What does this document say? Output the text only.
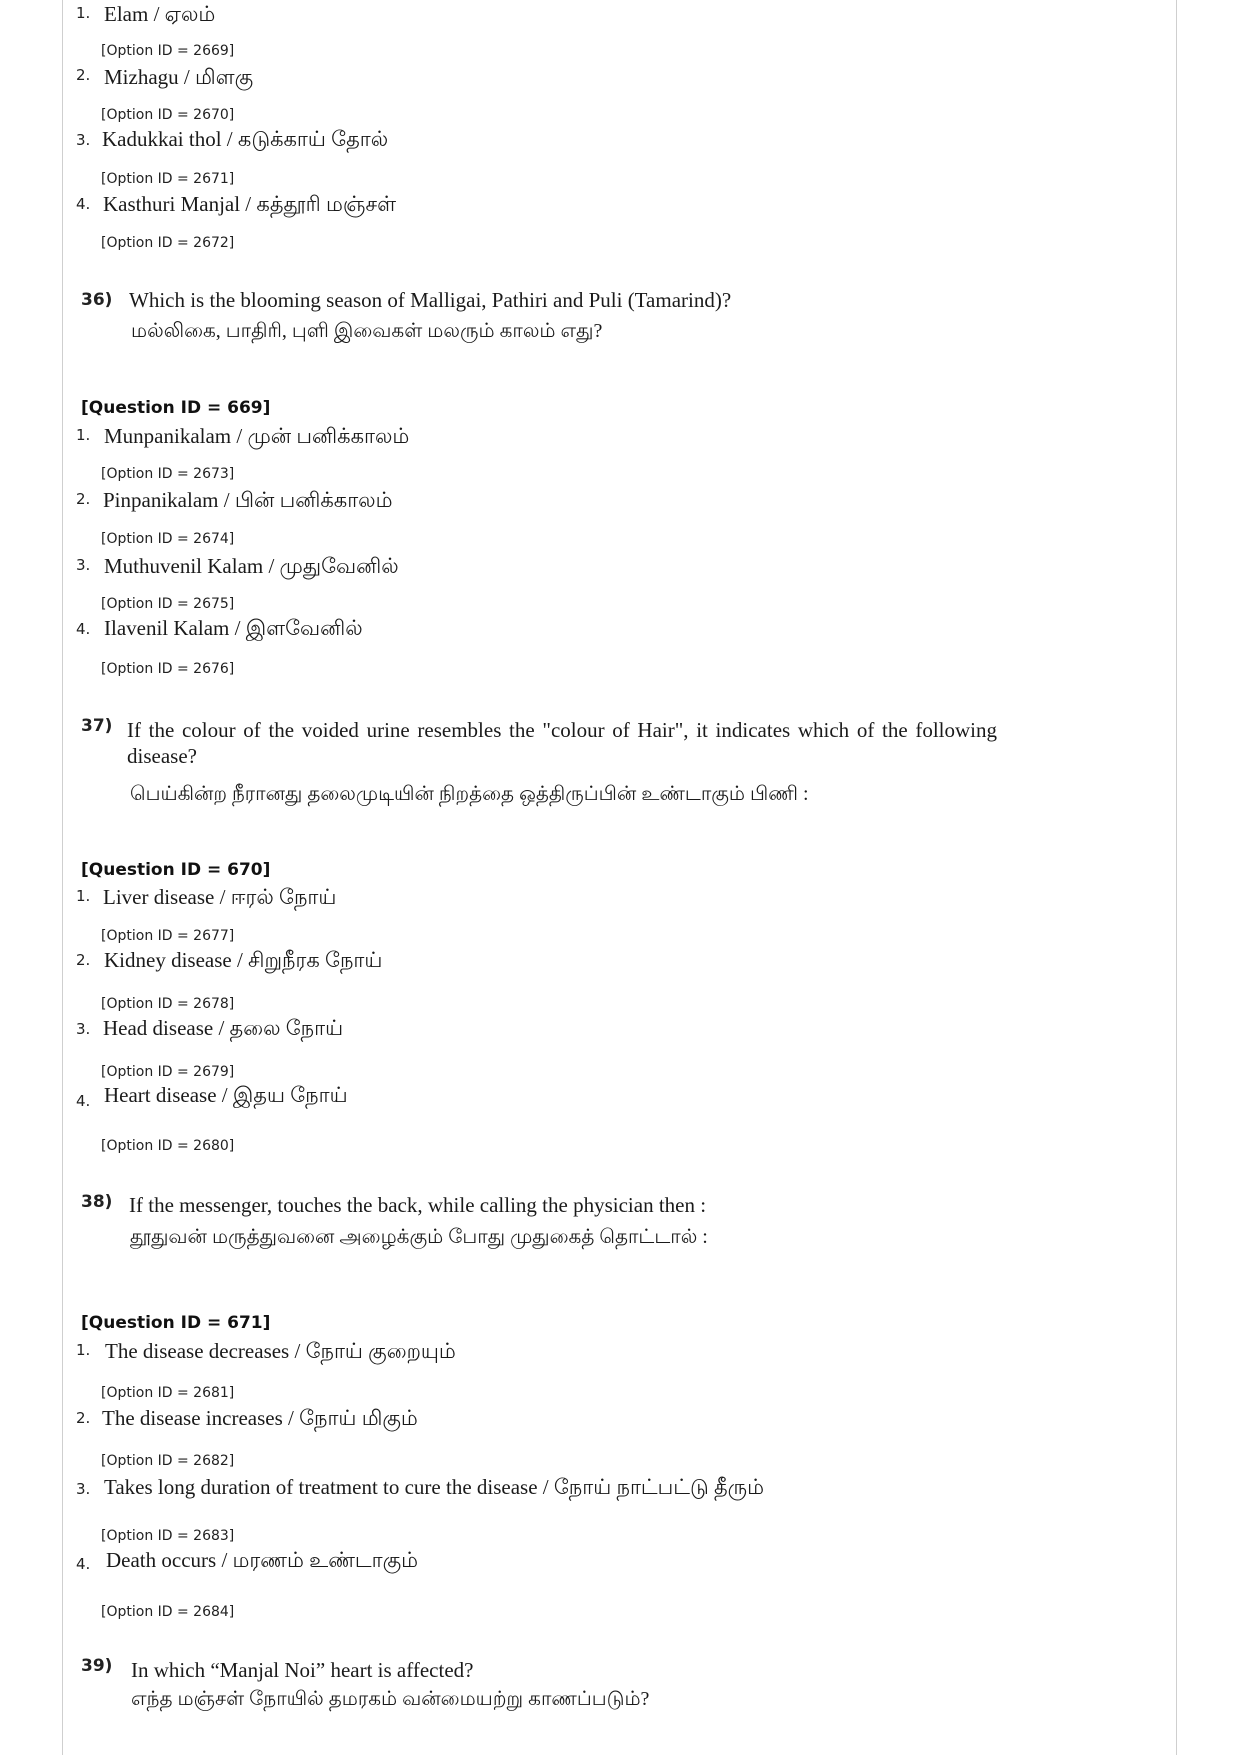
1. Elam / ஏலம்
[Option ID = 2669]
2. Mizhagu / மிளகு
[Option ID = 2670]
3. Kadukkai thol / கடுக்காய் தோல்
[Option ID = 2671]
4. Kasthuri Manjal / கத்தூரி மஞ்சள்
[Option ID = 2672]
36) Which is the blooming season of Malligai, Pathiri and Puli (Tamarind)?
மல்லிகை, பாதிரி, புளி இவைகள் மலரும் காலம் எது?
[Question ID = 669]
1. Munpanikalam / முன் பனிக்காலம்
[Option ID = 2673]
2. Pinpanikalam / பின் பனிக்காலம்
[Option ID = 2674]
3. Muthuvenil Kalam / முதுவேனில்
[Option ID = 2675]
4. Ilavenil Kalam / இளவேனில்
[Option ID = 2676]
37) If the colour of the voided urine resembles the "colour of Hair", it indicates which of the following disease?
பெய்கின்ற நீரானது தலைமுடியின் நிறத்தை ஒத்திருப்பின் உண்டாகும் பிணி :
[Question ID = 670]
1. Liver disease / ஈரல் நோய்
[Option ID = 2677]
2. Kidney disease / சிறுநீரக நோய்
[Option ID = 2678]
3. Head disease / தலை நோய்
[Option ID = 2679]
4. Heart disease / இதய நோய்
[Option ID = 2680]
38) If the messenger, touches the back, while calling the physician then :
தூதுவன் மருத்துவனை அழைக்கும் போது முதுகைத் தொட்டால் :
[Question ID = 671]
1. The disease decreases / நோய் குறையும்
[Option ID = 2681]
2. The disease increases / நோய் மிகும்
[Option ID = 2682]
3. Takes long duration of treatment to cure the disease / நோய் நாட்பட்டு தீரும்
[Option ID = 2683]
4. Death occurs / மரணம் உண்டாகும்
[Option ID = 2684]
39) In which “Manjal Noi” heart is affected?
எந்த மஞ்சள் நோயில் தமரகம் வன்மையற்று காணப்படும்?
